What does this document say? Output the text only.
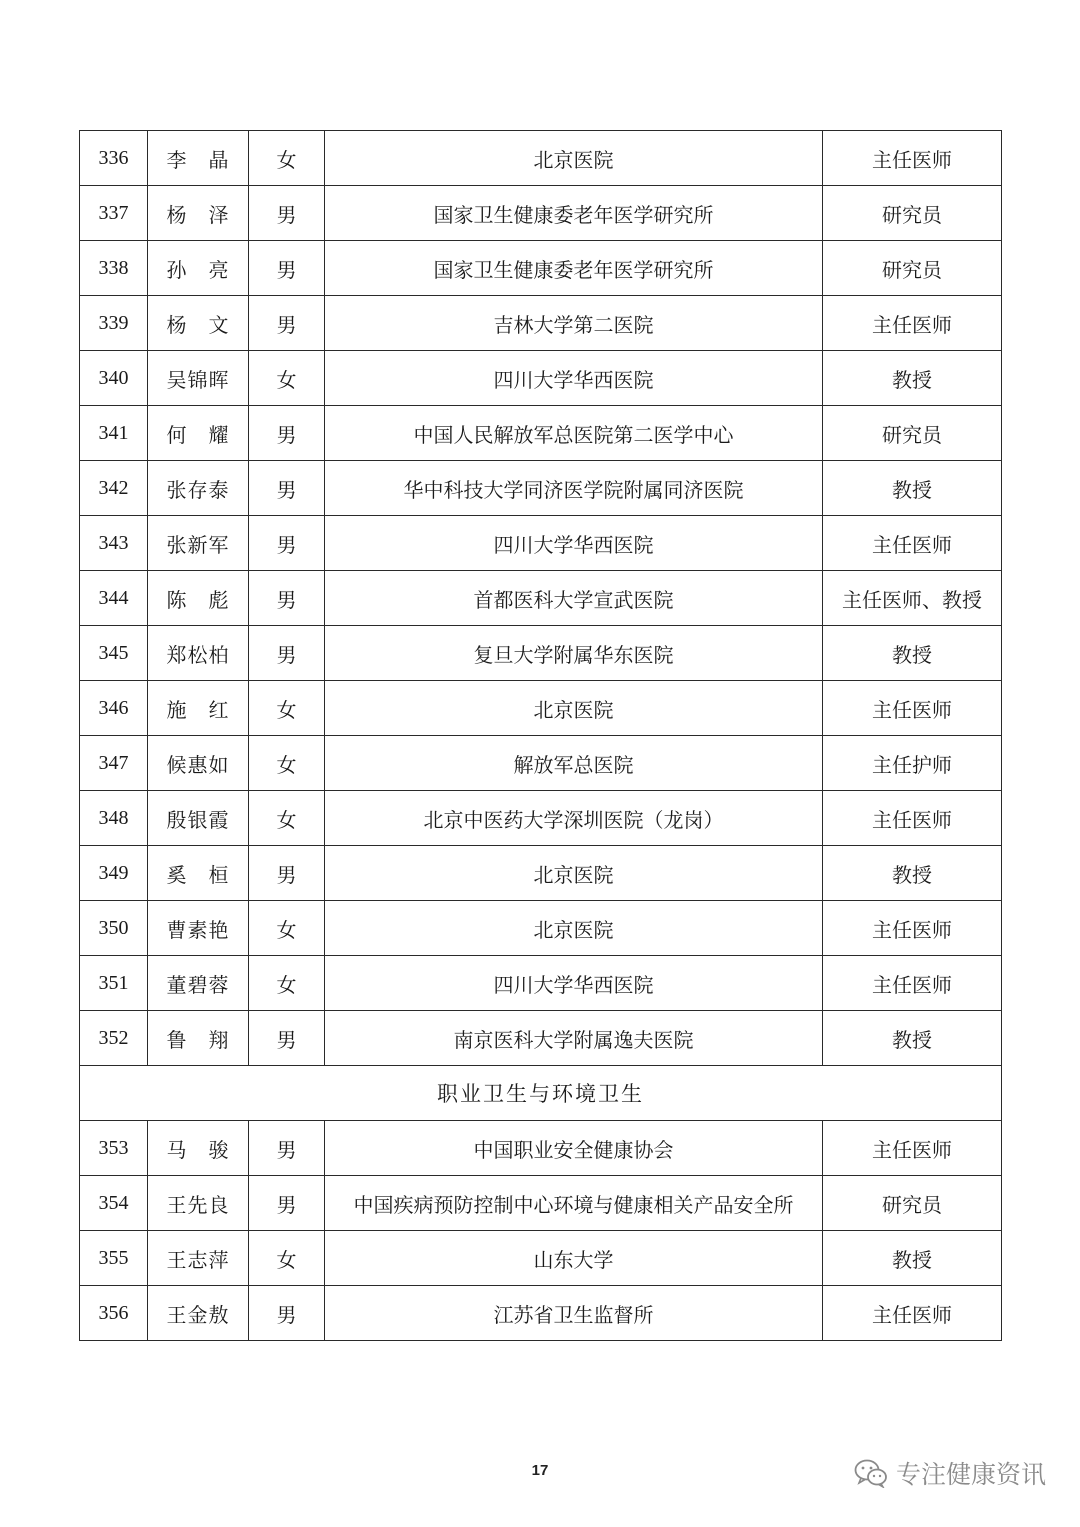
336	李　晶	女	北京医院	主任医师
337	杨　泽	男	国家卫生健康委老年医学研究所	研究员
338	孙　亮	男	国家卫生健康委老年医学研究所	研究员
339	杨　文	男	吉林大学第二医院	主任医师
340	吴锦晖	女	四川大学华西医院	教授
341	何　耀	男	中国人民解放军总医院第二医学中心	研究员
342	张存泰	男	华中科技大学同济医学院附属同济医院	教授
343	张新军	男	四川大学华西医院	主任医师
344	陈　彪	男	首都医科大学宣武医院	主任医师、教授
345	郑松柏	男	复旦大学附属华东医院	教授
346	施　红	女	北京医院	主任医师
347	候惠如	女	解放军总医院	主任护师
348	殷银霞	女	北京中医药大学深圳医院（龙岗）	主任医师
349	奚　桓	男	北京医院	教授
350	曹素艳	女	北京医院	主任医师
351	董碧蓉	女	四川大学华西医院	主任医师
352	鲁　翔	男	南京医科大学附属逸夫医院	教授
职业卫生与环境卫生				
353	马　骏	男	中国职业安全健康协会	主任医师
354	王先良	男	中国疾病预防控制中心环境与健康相关产品安全所	研究员
355	王志萍	女	山东大学	教授
356	王金敖	男	江苏省卫生监督所	主任医师
17	专注健康资讯
